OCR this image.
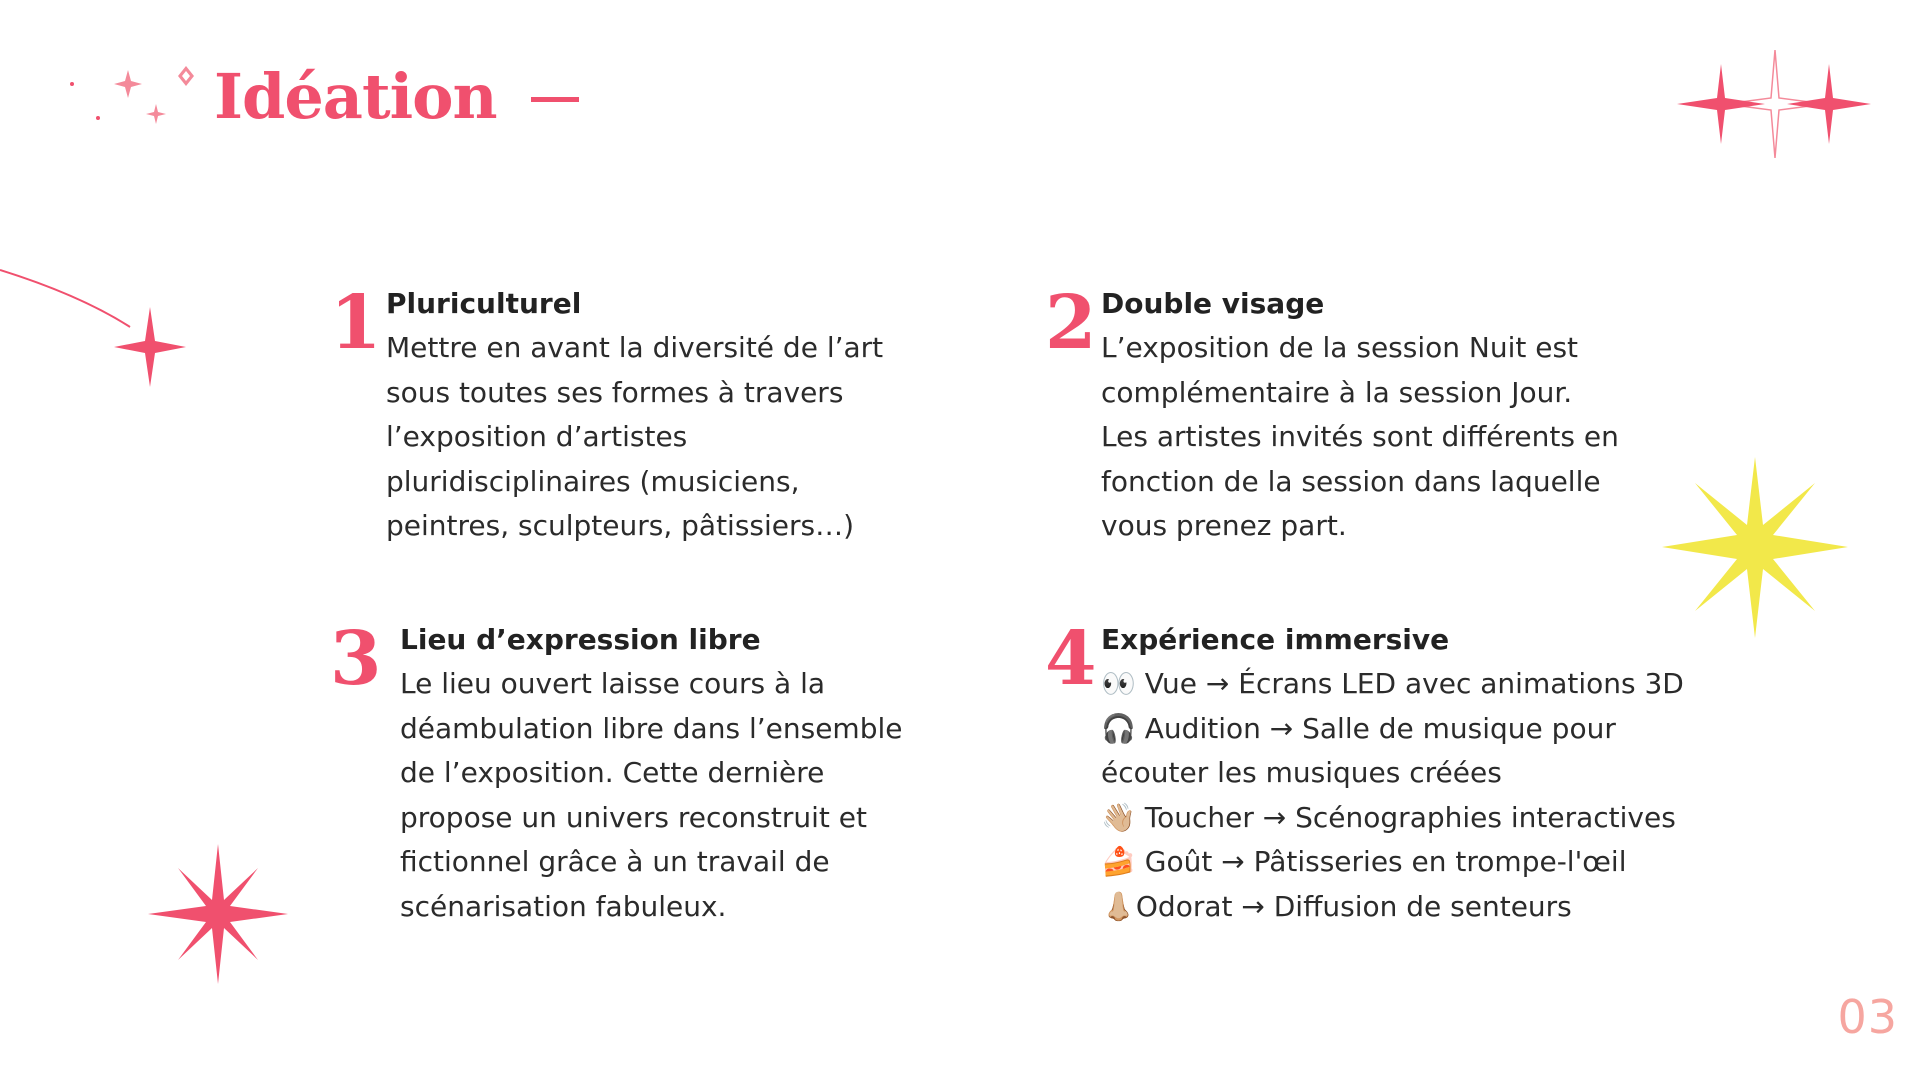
Idéation
1 Pluriculturel
Mettre en avant la diversité de l’art
sous toutes ses formes à travers
l’exposition d’artistes
pluridisciplinaires (musiciens,
peintres, sculpteurs, pâtissiers…)
2 Double visage
L’exposition de la session Nuit est
complémentaire à la session Jour.
Les artistes invités sont différents en
fonction de la session dans laquelle
vous prenez part.
3 Lieu d’expression libre
Le lieu ouvert laisse cours à la
déambulation libre dans l’ensemble
de l’exposition. Cette dernière
propose un univers reconstruit et
fictionnel grâce à un travail de
scénarisation fabuleux.
4 Expérience immersive
👀 Vue → Écrans LED avec animations 3D
🎧 Audition → Salle de musique pour
écouter les musiques créées
👋🏼 Toucher → Scénographies interactives
🍰 Goût → Pâtisseries en trompe-l'œil
👃🏼Odorat → Diffusion de senteurs
03
